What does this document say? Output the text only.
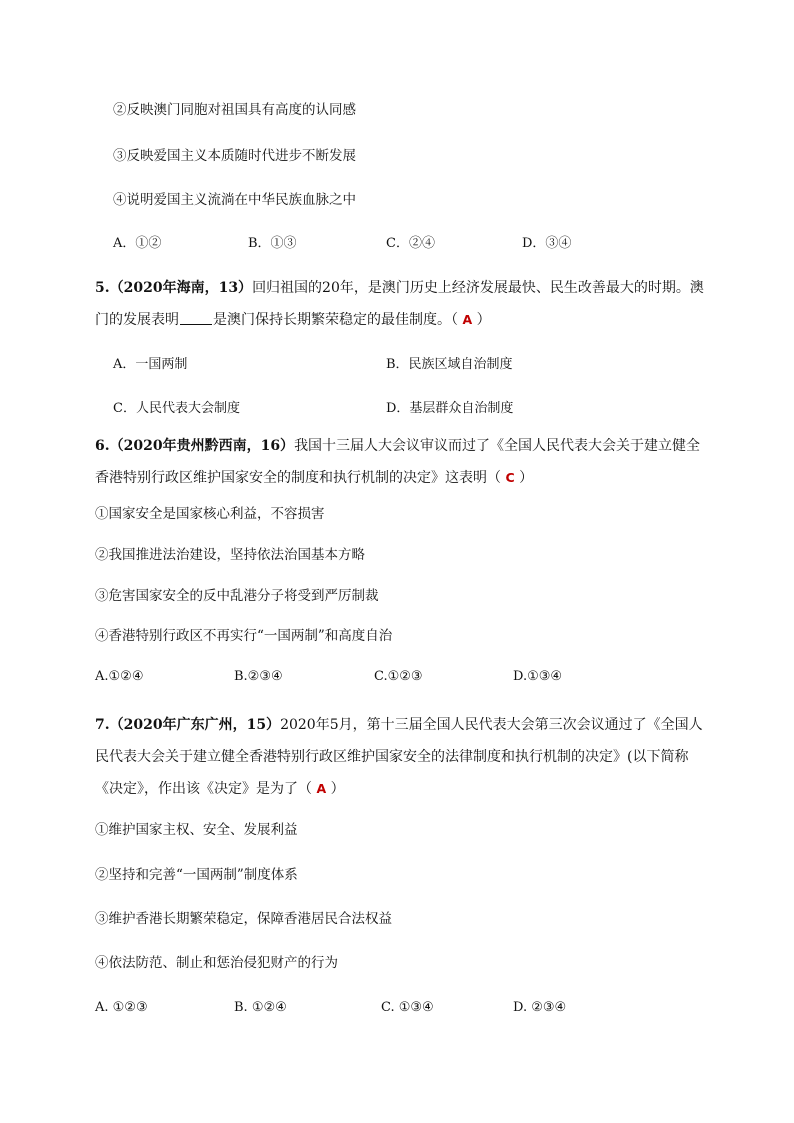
②反映澳门同胞对祖国具有高度的认同感
③反映爱国主义本质随时代进步不断发展
④说明爱国主义流淌在中华民族血脉之中
A．①②	B．①③	C．②④	D．③④
5.（2020年海南，13）回归祖国的20年，是澳门历史上经济发展最快、民生改善最大的时期。澳门的发展表明 是澳门保持长期繁荣稳定的最佳制度。（ A ）
A．一国两制	B．民族区域自治制度
C．人民代表大会制度	D．基层群众自治制度
6.（2020年贵州黔西南，16）我国十三届人大会议审议而过了《全国人民代表大会关于建立健全香港特别行政区维护国家安全的制度和执行机制的决定》这表明（ C ）
①国家安全是国家核心利益，不容损害
②我国推进法治建设，坚持依法治国基本方略
③危害国家安全的反中乱港分子将受到严厉制裁
④香港特别行政区不再实行“一国两制”和高度自治
A.①②④	B.②③④	C.①②③	D.①③④
7.（2020年广东广州，15）2020年5月，第十三届全国人民代表大会第三次会议通过了《全国人民代表大会关于建立健全香港特别行政区维护国家安全的法律制度和执行机制的决定》(以下简称《决定》，作出该《决定》是为了（ A ）
①维护国家主权、安全、发展利益
②坚持和完善“一国两制”制度体系
③维护香港长期繁荣稳定，保障香港居民合法权益
④依法防范、制止和惩治侵犯财产的行为
A. ①②③	B. ①②④	C. ①③④	D. ②③④
